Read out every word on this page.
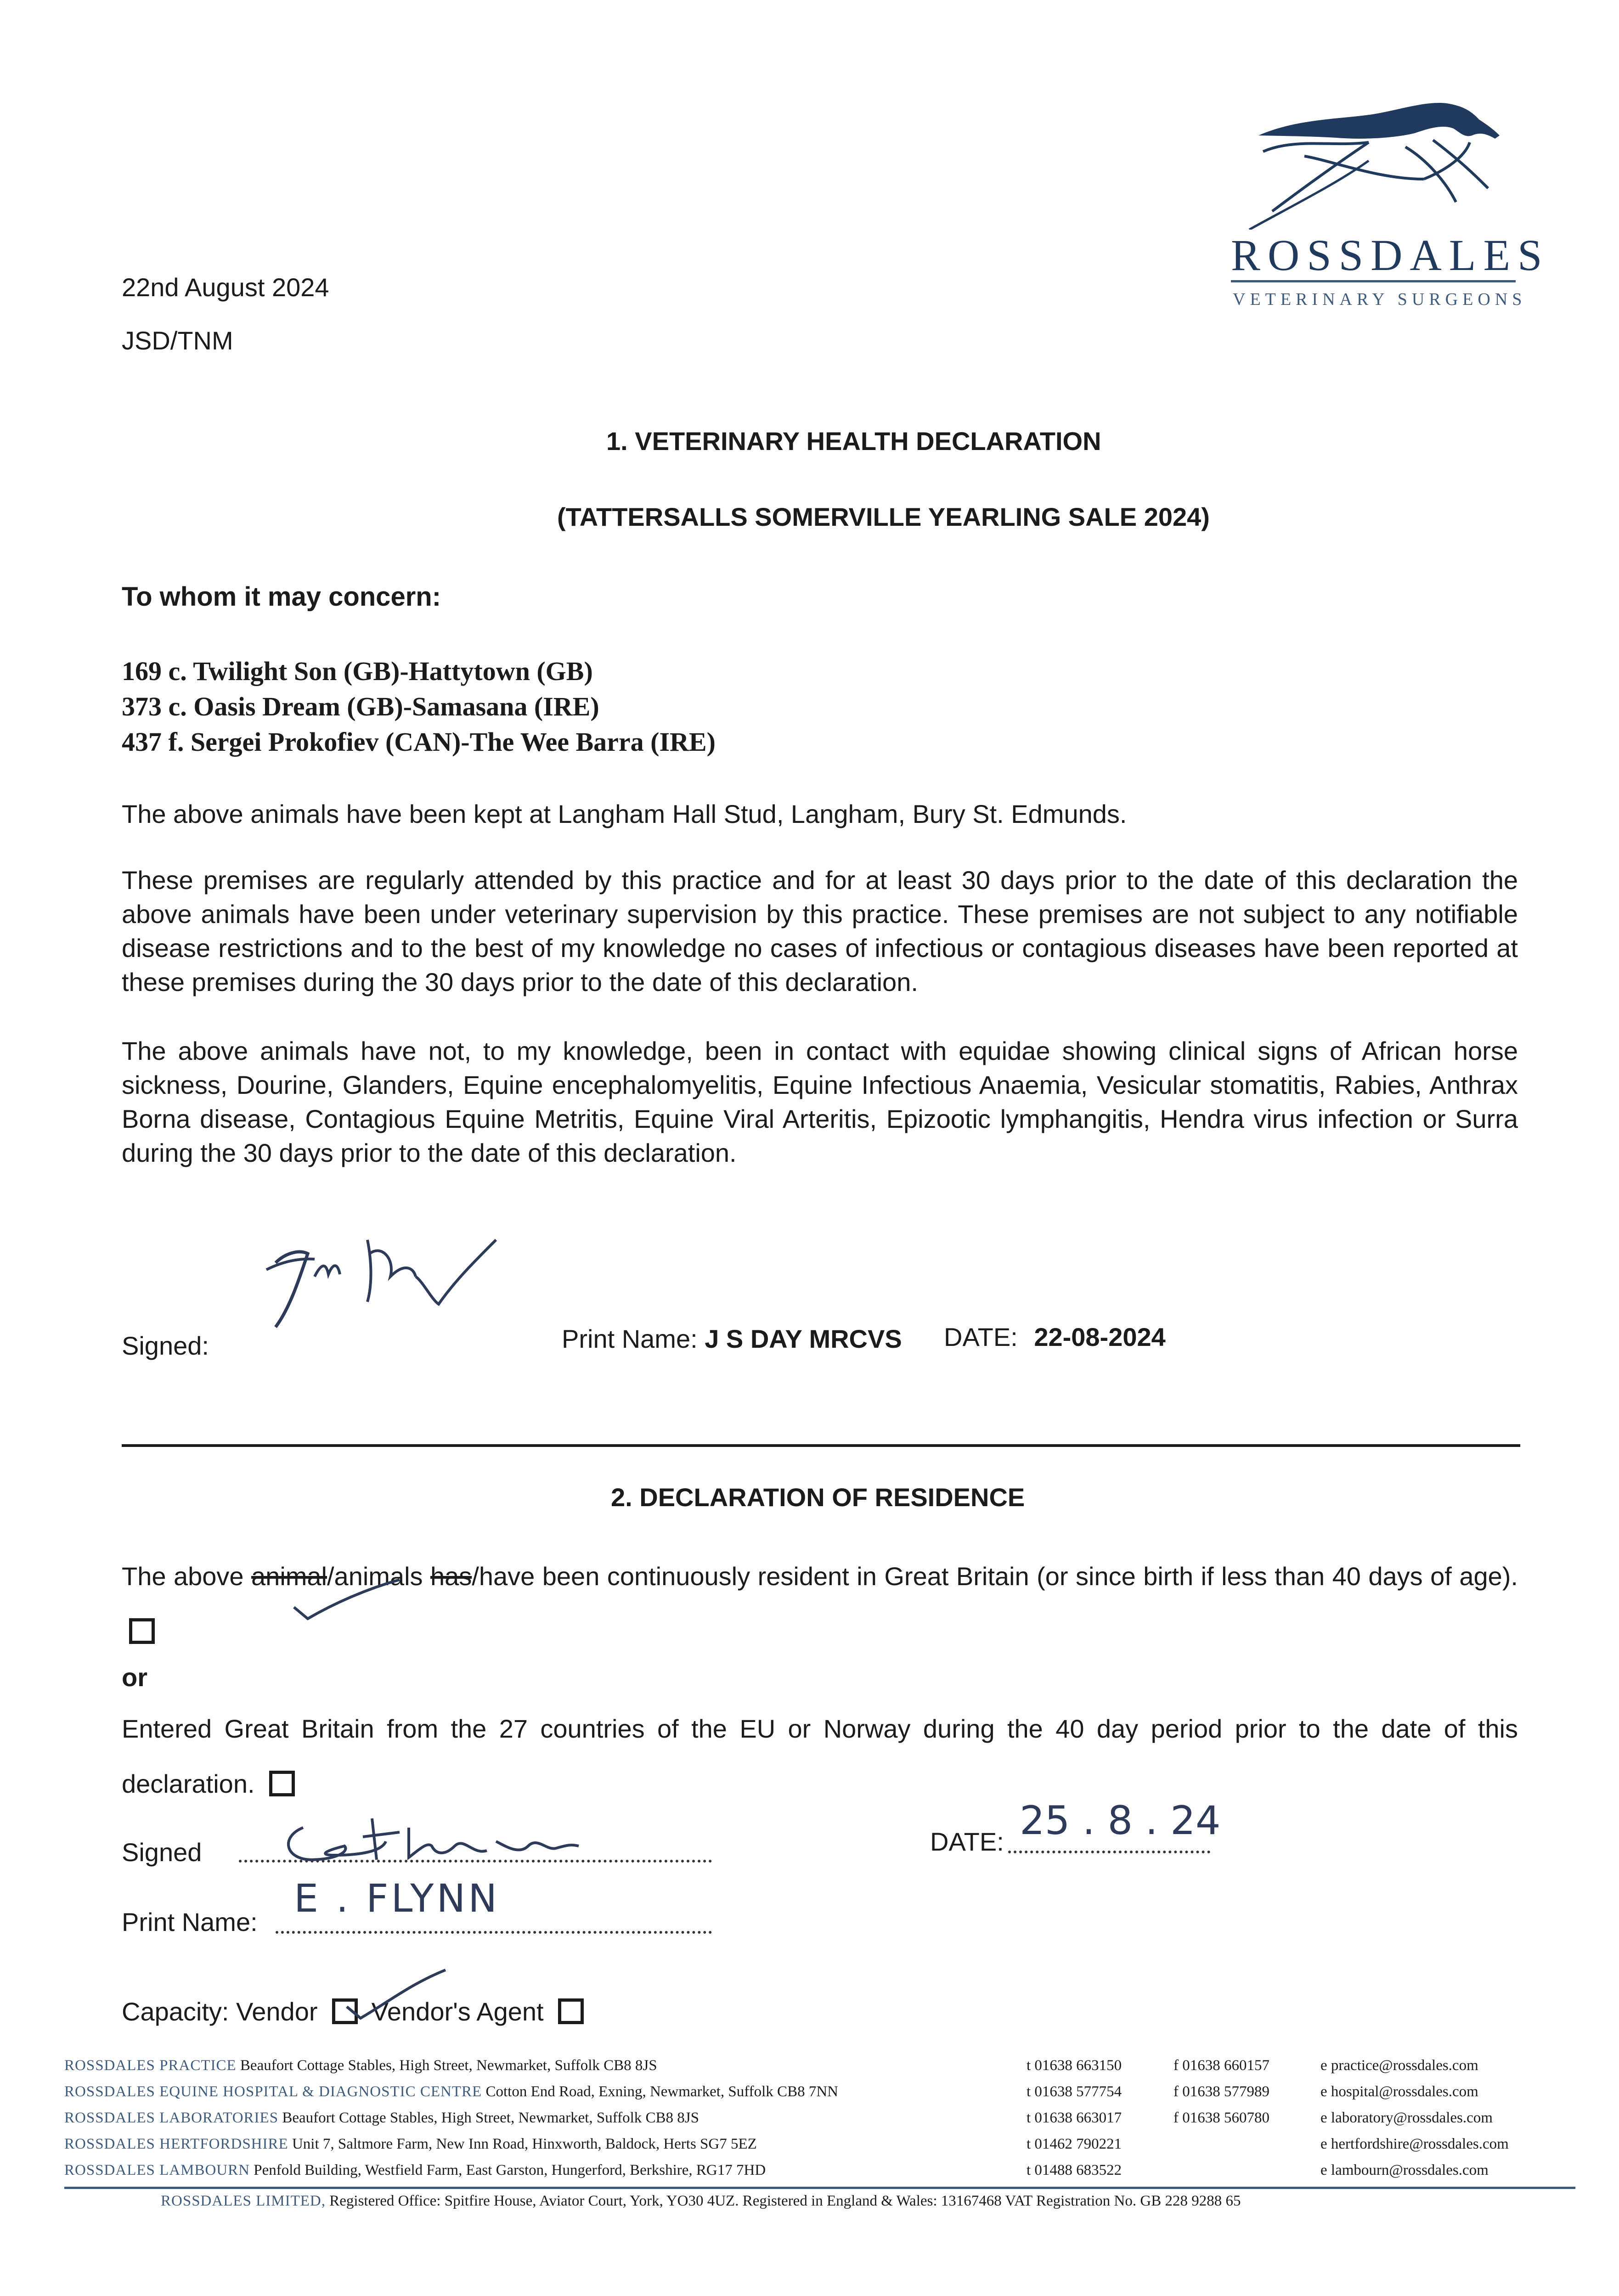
ROSSDALES
VETERINARY SURGEONS
22nd August 2024
JSD/TNM
1. VETERINARY HEALTH DECLARATION
(TATTERSALLS SOMERVILLE YEARLING SALE 2024)
To whom it may concern:
169 c. Twilight Son (GB)-Hattytown (GB)
373 c. Oasis Dream (GB)-Samasana (IRE)
437 f. Sergei Prokofiev (CAN)-The Wee Barra (IRE)
The above animals have been kept at Langham Hall Stud, Langham, Bury St. Edmunds.
These premises are regularly attended by this practice and for at least 30 days prior to the date of this declaration the above animals have been under veterinary supervision by this practice. These premises are not subject to any notifiable disease restrictions and to the best of my knowledge no cases of infectious or contagious diseases have been reported at these premises during the 30 days prior to the date of this declaration.
The above animals have not, to my knowledge, been in contact with equidae showing clinical signs of African horse sickness, Dourine, Glanders, Equine encephalomyelitis, Equine Infectious Anaemia, Vesicular stomatitis, Rabies, Anthrax Borna disease, Contagious Equine Metritis, Equine Viral Arteritis, Epizootic lymphangitis, Hendra virus infection or Surra during the 30 days prior to the date of this declaration.
Signed:	Print Name: J S DAY MRCVS DATE: 22-08-2024
2. DECLARATION OF RESIDENCE
The above animal/animals has/have been continuously resident in Great Britain (or since birth if less than 40 days of age).
or
Entered Great Britain from the 27 countries of the EU or Norway during the 40 day period prior to the date of this declaration.
Signed	DATE: 25 . 8 . 24
Print Name:
E . FLYNN
Capacity: Vendor Vendor's Agent
ROSSDALES PRACTICE Beaufort Cottage Stables, High Street, Newmarket, Suffolk CB8 8JS
ROSSDALES EQUINE HOSPITAL & DIAGNOSTIC CENTRE Cotton End Road, Exning, Newmarket, Suffolk CB8 7NN
ROSSDALES LABORATORIES Beaufort Cottage Stables, High Street, Newmarket, Suffolk CB8 8JS
ROSSDALES HERTFORDSHIRE Unit 7, Saltmore Farm, New Inn Road, Hinxworth, Baldock, Herts SG7 5EZ
ROSSDALES LAMBOURN Penfold Building, Westfield Farm, East Garston, Hungerford, Berkshire, RG17 7HD
t 01638 663150
t 01638 577754
t 01638 663017
t 01462 790221
t 01488 683522
f 01638 660157
f 01638 577989
f 01638 560780
e practice@rossdales.com
e hospital@rossdales.com
e laboratory@rossdales.com
e hertfordshire@rossdales.com
e lambourn@rossdales.com
ROSSDALES LIMITED, Registered Office: Spitfire House, Aviator Court, York, YO30 4UZ. Registered in England & Wales: 13167468 VAT Registration No. GB 228 9288 65
